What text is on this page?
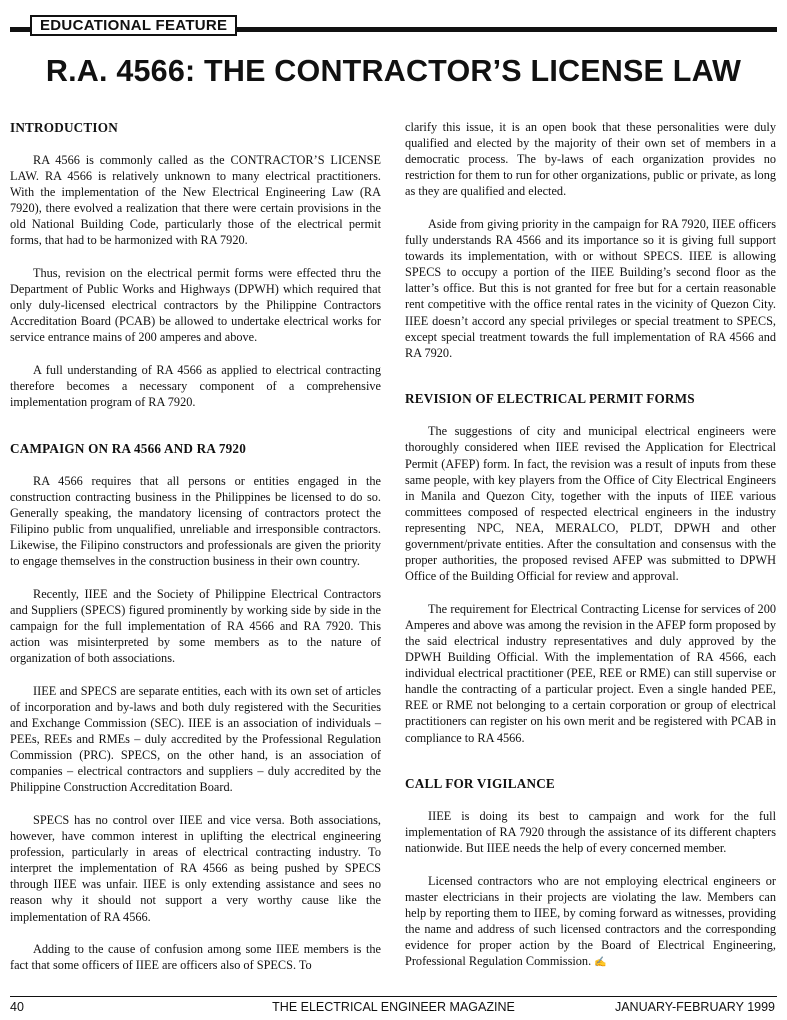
EDUCATIONAL FEATURE
R.A. 4566: THE CONTRACTOR’S LICENSE LAW
INTRODUCTION

RA 4566 is commonly called as the CONTRACTOR’S LICENSE LAW. RA 4566 is relatively unknown to many electrical practitioners. With the implementation of the New Electrical Engineering Law (RA 7920), there evolved a realization that there were certain provisions in the old National Building Code, particularly those of the electrical permit forms, that had to be harmonized with RA 7920.

Thus, revision on the electrical permit forms were effected thru the Department of Public Works and Highways (DPWH) which required that only duly-licensed electrical contractors by the Philippine Contractors Accreditation Board (PCAB) be allowed to undertake electrical works for service entrance mains of 200 amperes and above.

A full understanding of RA 4566 as applied to electrical contracting therefore becomes a necessary component of a comprehensive implementation program of RA 7920.

CAMPAIGN ON RA 4566 AND RA 7920

RA 4566 requires that all persons or entities engaged in the construction contracting business in the Philippines be licensed to do so. Generally speaking, the mandatory licensing of contractors protect the Filipino public from unqualified, unreliable and irresponsible contractors. Likewise, the Filipino constructors and professionals are given the priority to engage themselves in the construction business in their own country.

Recently, IIEE and the Society of Philippine Electrical Contractors and Suppliers (SPECS) figured prominently by working side by side in the campaign for the full implementation of RA 4566 and RA 7920. This action was misinterpreted by some members as to the nature of organization of both associations.

IIEE and SPECS are separate entities, each with its own set of articles of incorporation and by-laws and both duly registered with the Securities and Exchange Commission (SEC). IIEE is an association of individuals – PEEs, REEs and RMEs – duly accredited by the Professional Regulation Commission (PRC). SPECS, on the other hand, is an association of companies – electrical contractors and suppliers – duly accredited by the Philippine Construction Accreditation Board.

SPECS has no control over IIEE and vice versa. Both associations, however, have common interest in uplifting the electrical engineering profession, particularly in areas of electrical contracting industry. To interpret the implementation of RA 4566 as being pushed by SPECS through IIEE was unfair. IIEE is only extending assistance and sees no reason why it should not support a very worthy cause like the implementation of RA 4566.

Adding to the cause of confusion among some IIEE members is the fact that some officers of IIEE are officers also of SPECS. To

clarify this issue, it is an open book that these personalities were duly qualified and elected by the majority of their own set of members in a democratic process. The by-laws of each organization provides no restriction for them to run for other organizations, public or private, as long as they are qualified and elected.

Aside from giving priority in the campaign for RA 7920, IIEE officers fully understands RA 4566 and its importance so it is giving full support towards its implementation, with or without SPECS. IIEE is allowing SPECS to occupy a portion of the IIEE Building’s second floor as the latter’s office. But this is not granted for free but for a certain reasonable rent competitive with the office rental rates in the vicinity of Quezon City. IIEE doesn’t accord any special privileges or special treatment to SPECS, except special treatment towards the full implementation of RA 4566 and RA 7920.

REVISION OF ELECTRICAL PERMIT FORMS

The suggestions of city and municipal electrical engineers were thoroughly considered when IIEE revised the Application for Electrical Permit (AFEP) form. In fact, the revision was a result of inputs from these same people, with key players from the Office of City Electrical Engineers in Manila and Quezon City, together with the inputs of IIEE various committees composed of respected electrical engineers in the industry representing NPC, NEA, MERALCO, PLDT, DPWH and other government/private entities. After the consultation and consensus with the proper authorities, the proposed revised AFEP was submitted to DPWH Office of the Building Official for review and approval.

The requirement for Electrical Contracting License for services of 200 Amperes and above was among the revision in the AFEP form proposed by the said electrical industry representatives and duly approved by the DPWH Building Official. With the implementation of RA 4566, each individual electrical practitioner (PEE, REE or RME) can still supervise or handle the contracting of a particular project. Even a single handed PEE, REE or RME not belonging to a certain corporation or group of electrical practitioners can register on his own merit and be registered with PCAB in compliance to RA 4566.

CALL FOR VIGILANCE

IIEE is doing its best to campaign and work for the full implementation of RA 7920 through the assistance of its different chapters nationwide. But IIEE needs the help of every concerned member.

Licensed contractors who are not employing electrical engineers or master electricians in their projects are violating the law. Members can help by reporting them to IIEE, by coming forward as witnesses, providing the name and address of such licensed contractors and the corresponding evidence for proper action by the Board of Electrical Engineering, Professional Regulation Commission. ✍

40	THE ELECTRICAL ENGINEER MAGAZINE	JANUARY-FEBRUARY 1999
